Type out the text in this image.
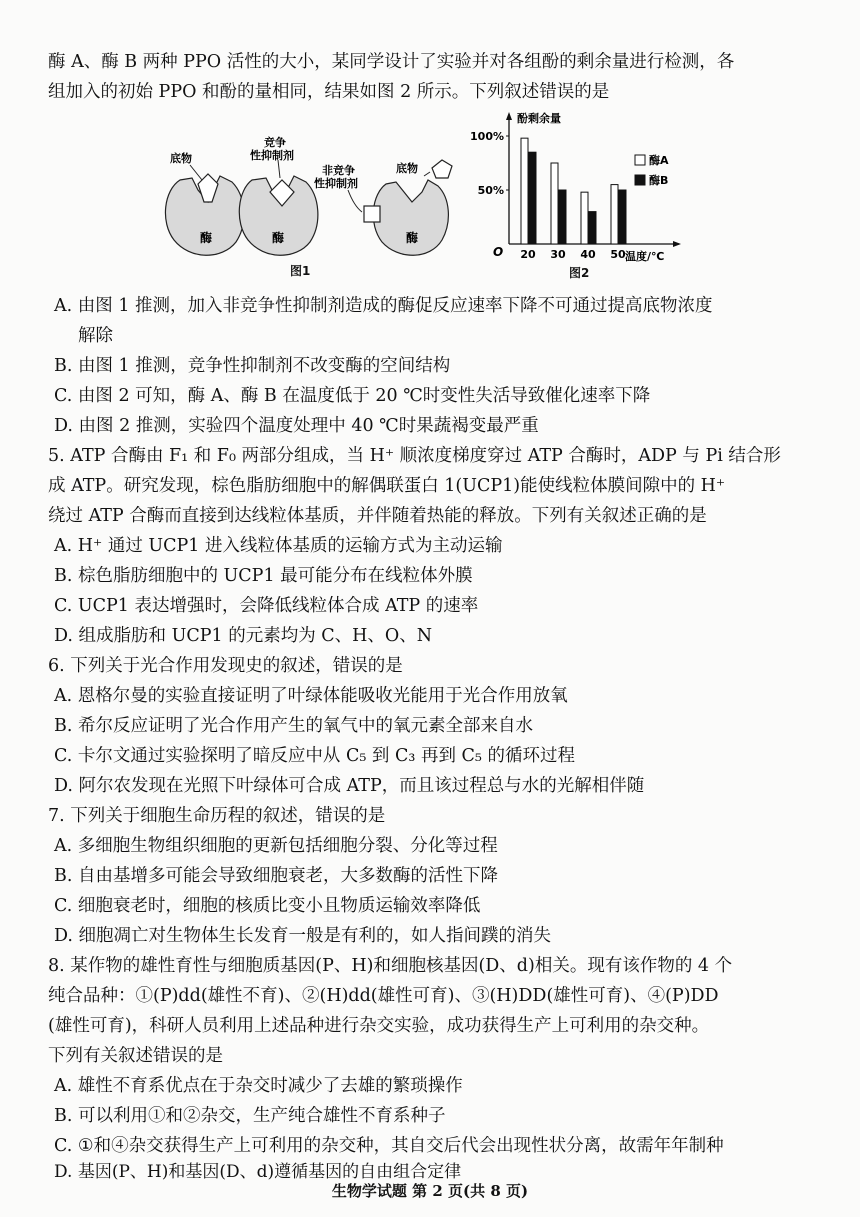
酶 A、酶 B 两种 PPO 活性的大小，某同学设计了实验并对各组酚的剩余量进行检测，各
组加入的初始 PPO 和酚的量相同，结果如图 2 所示。下列叙述错误的是
底物
酶
竞争
性抑制剂
酶
非竞争
性抑制剂
底物
酶
图1
酚剩余量
温度/℃
O
100%
50%
20 30 40 50
酶A
酶B
图2
A. 由图 1 推测，加入非竞争性抑制剂造成的酶促反应速率下降不可通过提高底物浓度
解除
B. 由图 1 推测，竞争性抑制剂不改变酶的空间结构
C. 由图 2 可知，酶 A、酶 B 在温度低于 20 ℃时变性失活导致催化速率下降
D. 由图 2 推测，实验四个温度处理中 40 ℃时果蔬褐变最严重
5. ATP 合酶由 F₁ 和 F₀ 两部分组成，当 H⁺ 顺浓度梯度穿过 ATP 合酶时，ADP 与 Pi 结合形
成 ATP。研究发现，棕色脂肪细胞中的解偶联蛋白 1(UCP1)能使线粒体膜间隙中的 H⁺
绕过 ATP 合酶而直接到达线粒体基质，并伴随着热能的释放。下列有关叙述正确的是
A. H⁺ 通过 UCP1 进入线粒体基质的运输方式为主动运输
B. 棕色脂肪细胞中的 UCP1 最可能分布在线粒体外膜
C. UCP1 表达增强时，会降低线粒体合成 ATP 的速率
D. 组成脂肪和 UCP1 的元素均为 C、H、O、N
6. 下列关于光合作用发现史的叙述，错误的是
A. 恩格尔曼的实验直接证明了叶绿体能吸收光能用于光合作用放氧
B. 希尔反应证明了光合作用产生的氧气中的氧元素全部来自水
C. 卡尔文通过实验探明了暗反应中从 C₅ 到 C₃ 再到 C₅ 的循环过程
D. 阿尔农发现在光照下叶绿体可合成 ATP，而且该过程总与水的光解相伴随
7. 下列关于细胞生命历程的叙述，错误的是
A. 多细胞生物组织细胞的更新包括细胞分裂、分化等过程
B. 自由基增多可能会导致细胞衰老，大多数酶的活性下降
C. 细胞衰老时，细胞的核质比变小且物质运输效率降低
D. 细胞凋亡对生物体生长发育一般是有利的，如人指间蹼的消失
8. 某作物的雄性育性与细胞质基因(P、H)和细胞核基因(D、d)相关。现有该作物的 4 个
纯合品种：①(P)dd(雄性不育)、②(H)dd(雄性可育)、③(H)DD(雄性可育)、④(P)DD
(雄性可育)，科研人员利用上述品种进行杂交实验，成功获得生产上可利用的杂交种。
下列有关叙述错误的是
A. 雄性不育系优点在于杂交时减少了去雄的繁琐操作
B. 可以利用①和②杂交，生产纯合雄性不育系种子
C. ①和④杂交获得生产上可利用的杂交种，其自交后代会出现性状分离，故需年年制种
D. 基因(P、H)和基因(D、d)遵循基因的自由组合定律
生物学试题 第 2 页(共 8 页)
